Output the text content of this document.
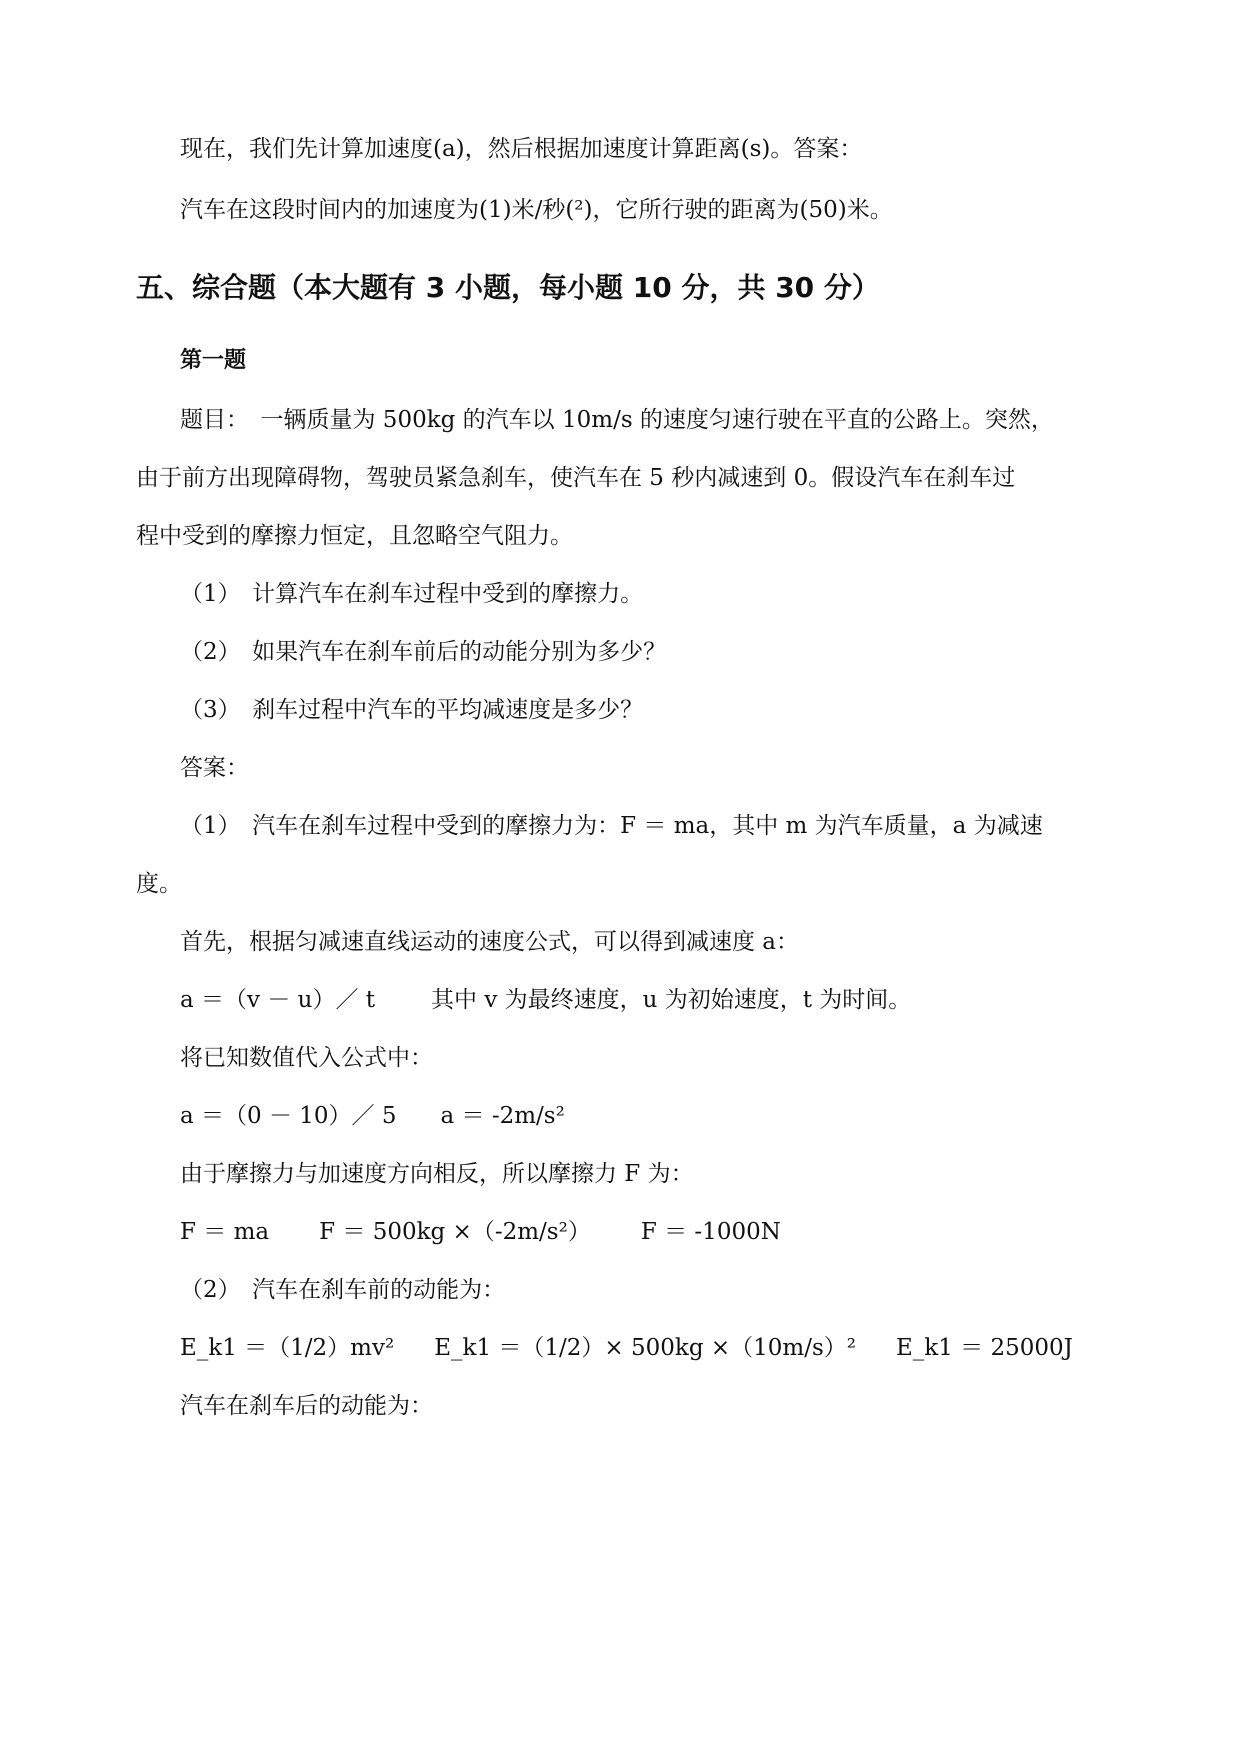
现在，我们先计算加速度(a)，然后根据加速度计算距离(s)。答案：
汽车在这段时间内的加速度为(1)米/秒(²)，它所行驶的距离为(50)米。
五、综合题（本大题有 3 小题，每小题 10 分，共 30 分）
第一题
题目：　一辆质量为 500kg 的汽车以 10m/s 的速度匀速行驶在平直的公路上。突然，
由于前方出现障碍物，驾驶员紧急刹车，使汽车在 5 秒内减速到 0。假设汽车在刹车过
程中受到的摩擦力恒定，且忽略空气阻力。
（1）　计算汽车在刹车过程中受到的摩擦力。
（2）　如果汽车在刹车前后的动能分别为多少？
（3）　刹车过程中汽车的平均减速度是多少？
答案：
（1）　汽车在刹车过程中受到的摩擦力为：F ＝ ma，其中 m 为汽车质量，a 为减速
度。
首先，根据匀减速直线运动的速度公式，可以得到减速度 a：
a ＝（v － u）／ t 其中 v 为最终速度，u 为初始速度，t 为时间。
将已知数值代入公式中：
a ＝（0 － 10）／ 5 a ＝ -2m/s²
由于摩擦力与加速度方向相反，所以摩擦力 F 为：
F ＝ ma F ＝ 500kg ×（-2m/s²） F ＝ -1000N
（2）　汽车在刹车前的动能为：
E_k1 ＝（1/2）mv² E_k1 ＝（1/2）× 500kg ×（10m/s）² E_k1 ＝ 25000J
汽车在刹车后的动能为：
